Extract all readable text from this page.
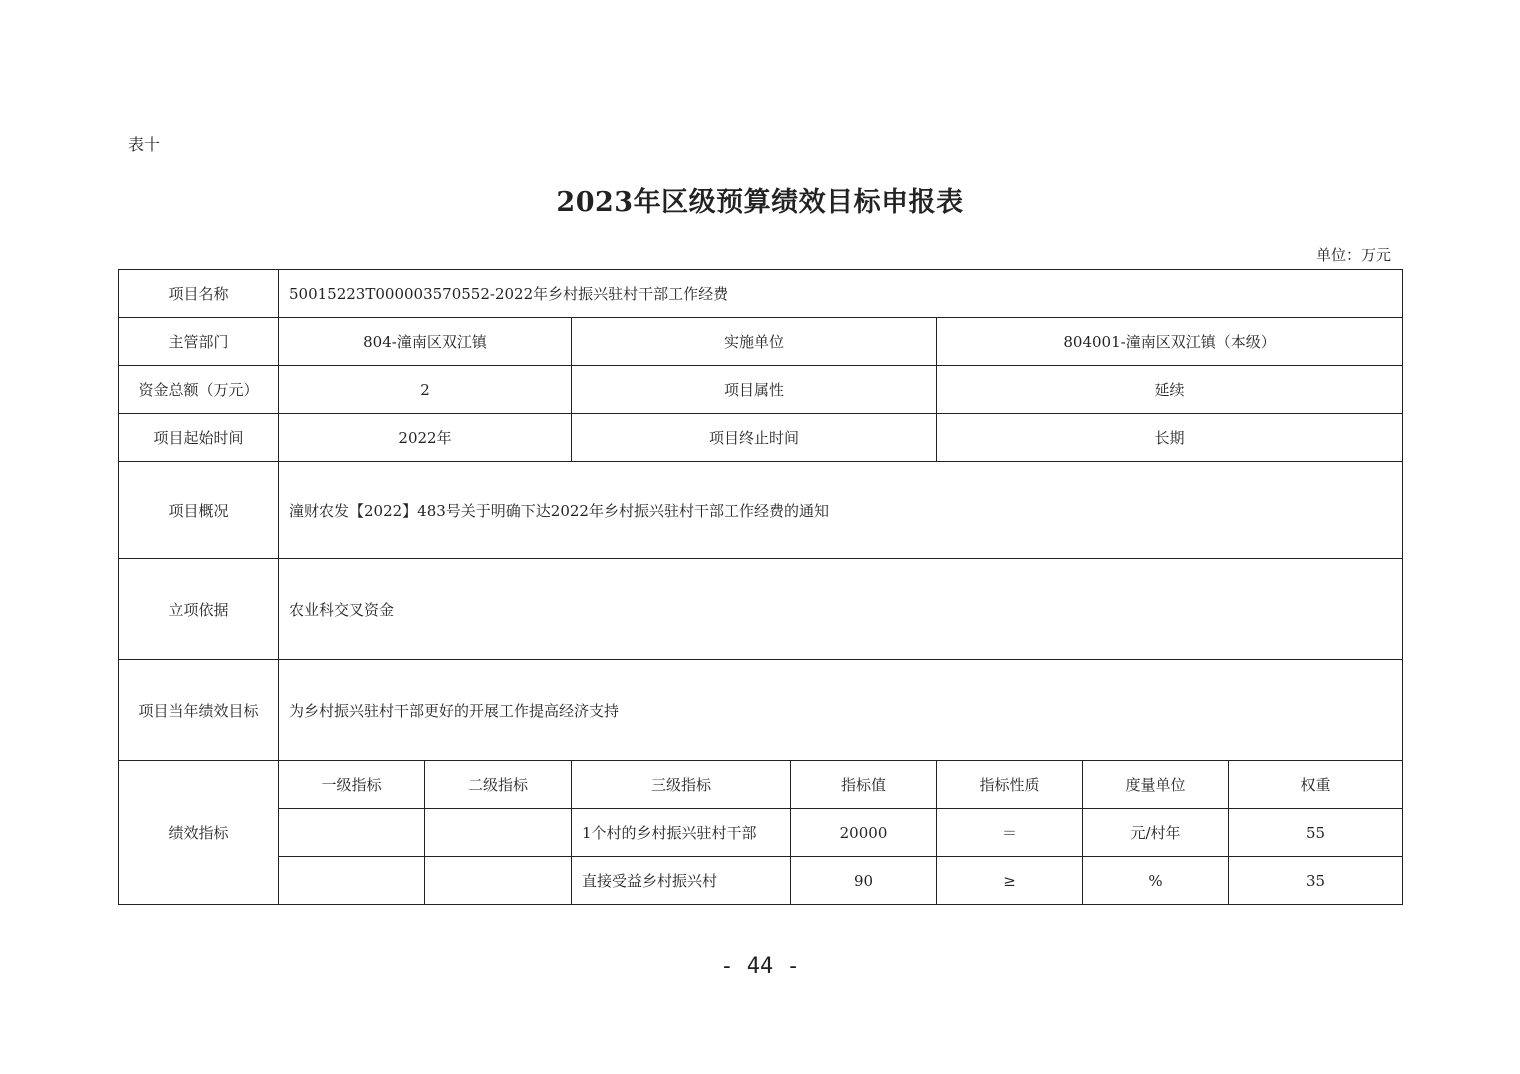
表十
2023年区级预算绩效目标申报表
单位：万元
项目名称	50015223T000003570552-2022年乡村振兴驻村干部工作经费						
主管部门	804-潼南区双江镇		实施单位		804001-潼南区双江镇（本级）		
资金总额（万元）	2		项目属性		延续		
项目起始时间	2022年		项目终止时间		长期		
项目概况	潼财农发【2022】483号关于明确下达2022年乡村振兴驻村干部工作经费的通知						
立项依据	农业科交叉资金						
项目当年绩效目标	为乡村振兴驻村干部更好的开展工作提高经济支持						
绩效指标	一级指标	二级指标	三级指标	指标值	指标性质	度量单位	权重
			1个村的乡村振兴驻村干部	20000	＝	元/村年	55
			直接受益乡村振兴村	90	≥	%	35
- 44 -
